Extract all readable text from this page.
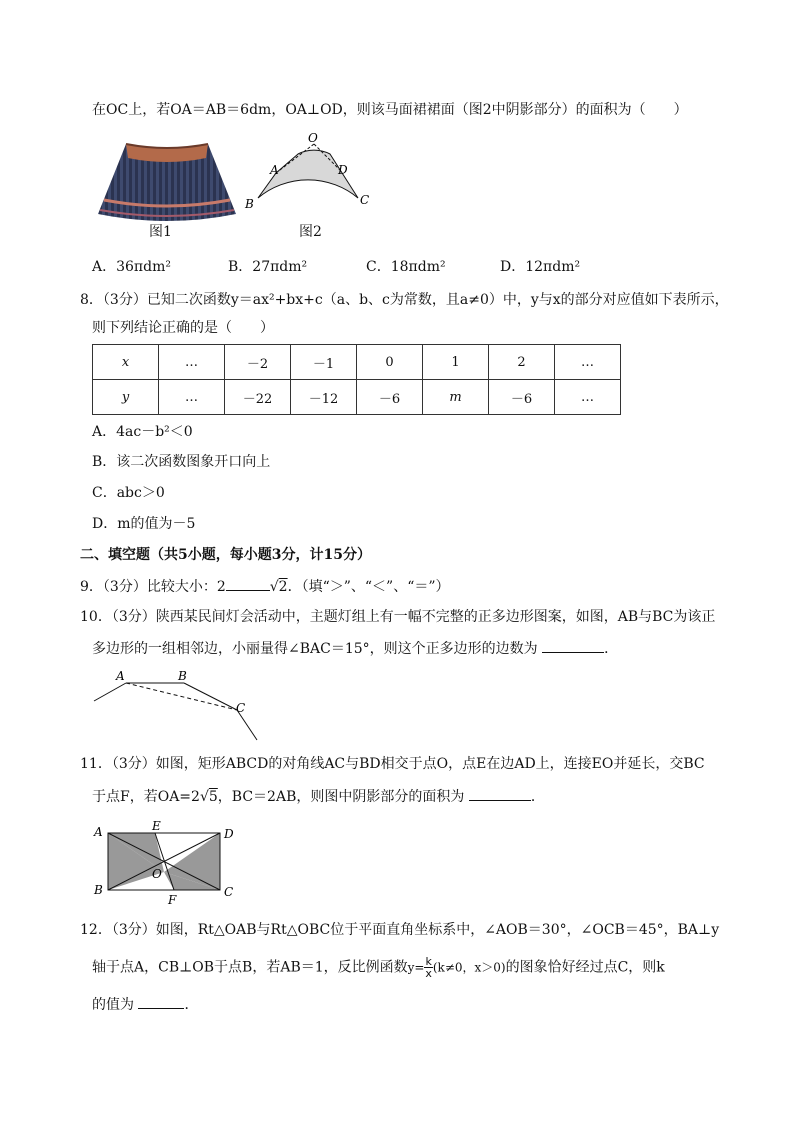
在OC上，若OA＝AB＝6dm，OA⊥OD，则该马面裙裙面（图2中阴影部分）的面积为（　　）
图1
O
A	D
B	C
图2
A．36πdm²	B．27πdm²	C．18πdm²	D．12πdm²
8．（3分）已知二次函数y＝ax²+bx+c（a、b、c为常数，且a≠0）中，y与x的部分对应值如下表所示，
则下列结论正确的是（　　）
x	…	－2	－1	0	1	2	…
y	…	－22	－12	－6	m	－6	…
A．4ac－b²＜0
B．该二次函数图象开口向上
C．abc＞0
D．m的值为－5
二、填空题（共5小题，每小题3分，计15分）
9．（3分）比较大小：2	√2．（填“＞”、“＜”、“＝”）
10．（3分）陕西某民间灯会活动中，主题灯组上有一幅不完整的正多边形图案，如图，AB与BC为该正
多边形的一组相邻边，小丽量得∠BAC＝15°，则这个正多边形的边数为	．
A	B
C
11．（3分）如图，矩形ABCD的对角线AC与BD相交于点O，点E在边AD上，连接EO并延长，交BC
于点F，若OA=2√5，BC＝2AB，则图中阴影部分的面积为	．
A	E
D
B
O
F
C
12．（3分）如图，Rt△OAB与Rt△OBC位于平面直角坐标系中，∠AOB＝30°，∠OCB＝45°，BA⊥y
轴于点A，CB⊥OB于点B，若AB＝1，反比例函数$y= \frac{k}{x} (k\ne 0$，x＞0)的图象恰好经过点C，则k
的值为	．
